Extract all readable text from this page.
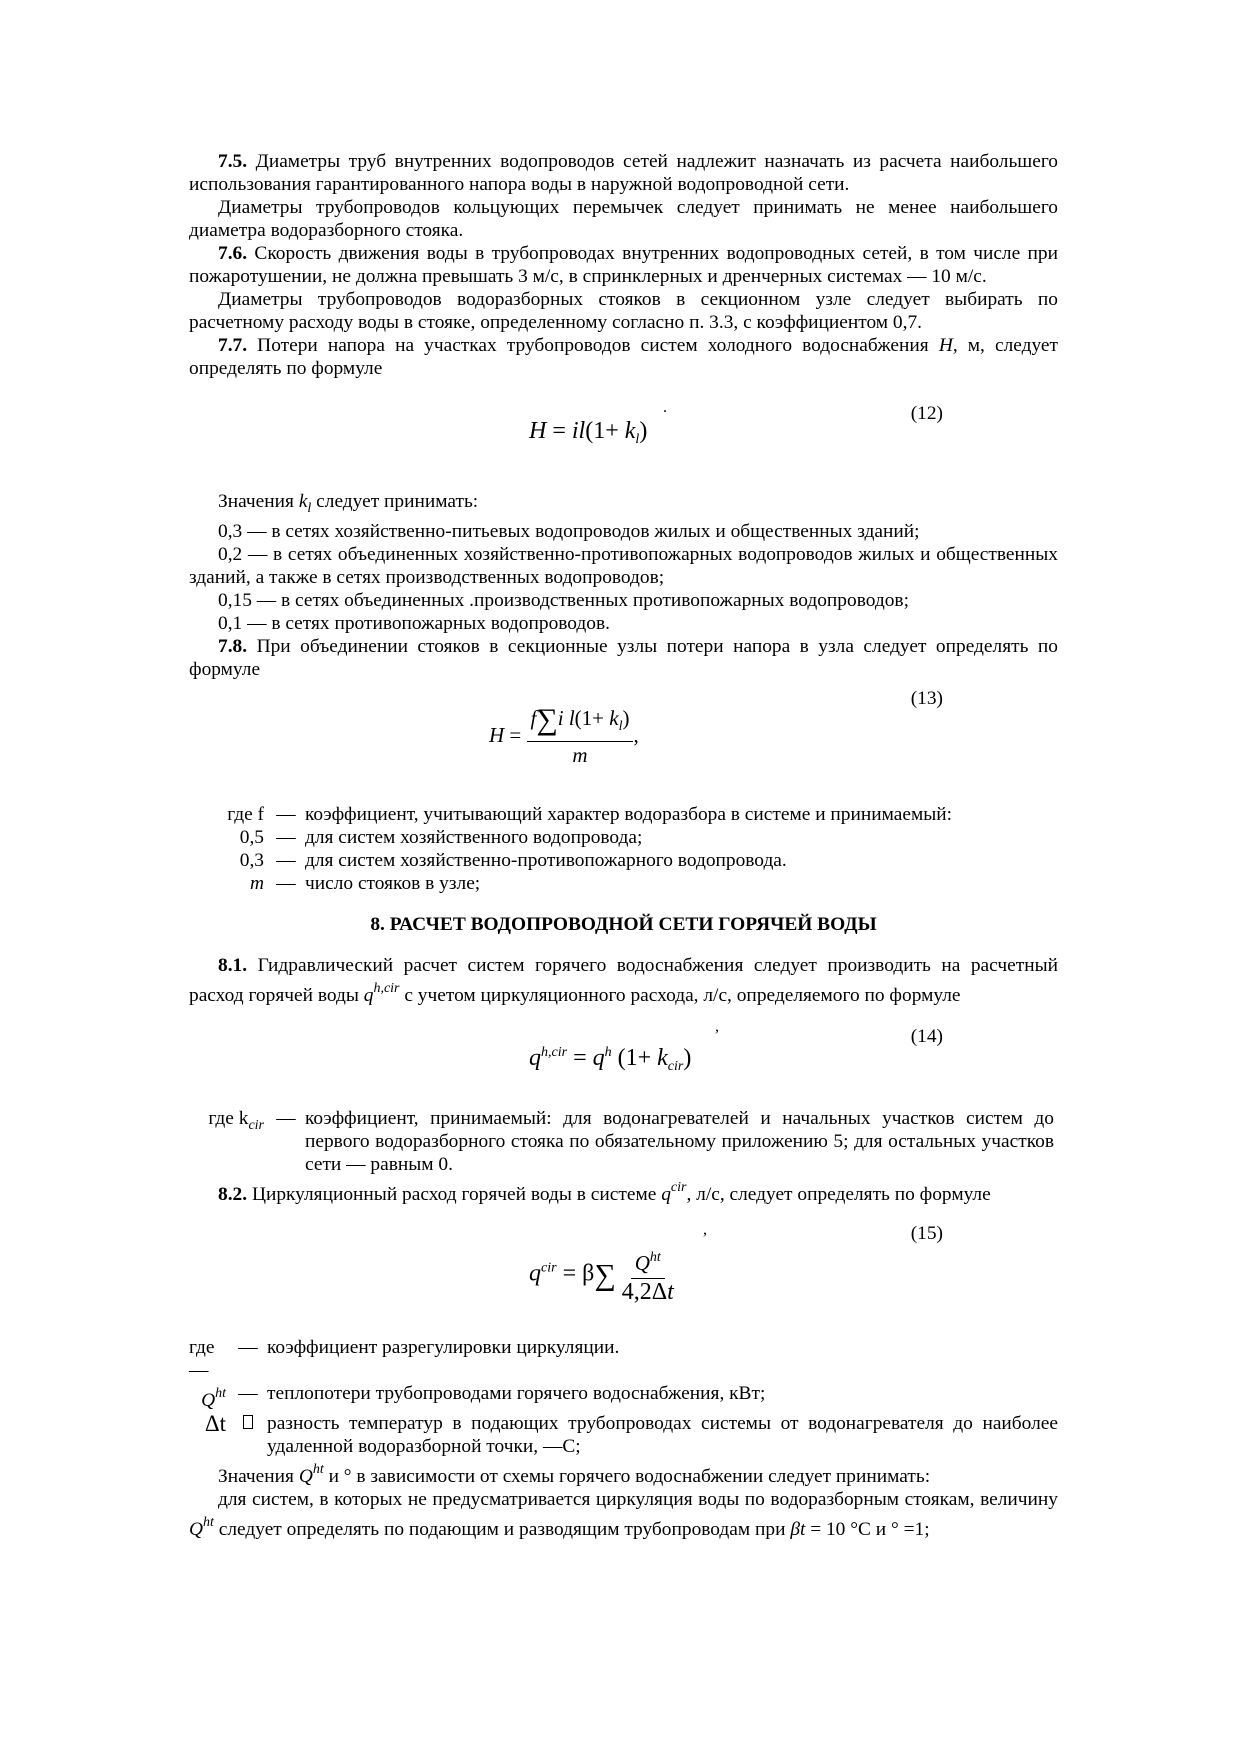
7.5. Диаметры труб внутренних водопроводов сетей надлежит назначать из расчета наибольшего использования гарантированного напора воды в наружной водопроводной сети.

Диаметры трубопроводов кольцующих перемычек следует принимать не менее наибольшего диаметра водоразборного стояка.

7.6. Скорость движения воды в трубопроводах внутренних водопроводных сетей, в том числе при пожаротушении, не должна превышать 3 м/с, в спринклерных и дренчерных системах — 10 м/с.

Диаметры трубопроводов водоразборных стояков в секционном узле следует выбирать по расчетному расходу воды в стояке, определенному согласно п. 3.3, с коэффициентом 0,7.

7.7. Потери напора на участках трубопроводов систем холодного водоснабжения H, м, следует определять по формуле

$H = il(1+ k_l)$
.	(12)

Значения $k_l$ следует принимать:

0,3 — в сетях хозяйственно-питьевых водопроводов жилых и общественных зданий;

0,2 — в сетях объединенных хозяйственно-противопожарных водопроводов жилых и общественных зданий, а также в сетях производственных водопроводов;

0,15 — в сетях объединенных .производственных противопожарных водопроводов;

0,1 — в сетях противопожарных водопроводов.

7.8. При объединении стояков в секционные узлы потери напора в узла следует определять по формуле

$H = \frac{f\sum i l(1+ k_l)}{m}$ ,
(13)
где f — коэффициент, учитывающий характер водоразбора в системе и принимаемый:
0,5 — для систем хозяйственного водопровода;
0,3 — для систем хозяйственно-противопожарного водопровода.
m — число стояков в узле;
8. РАСЧЕТ ВОДОПРОВОДНОЙ СЕТИ ГОРЯЧЕЙ ВОДЫ

8.1. Гидравлический расчет систем горячего водоснабжения следует производить на расчетный расход горячей воды $q^{h,cir}$ с учетом циркуляционного расхода, л/с, определяемого по формуле

$q^{h,cir} = q^h$ $(1+ k_{cir})$
,	(14)
где $k_{cir}$ — коэффициент, принимаемый: для водонагревателей и начальных участков систем до первого водоразборного стояка по обязательному приложению 5; для остальных участков сети — равным 0.

8.2. Циркуляционный расход горячей воды в системе $q^{cir}$, л/с, следует определять по формуле

$q^{cir} = \beta\sum \frac{Q^{ht}}{4,2\Delta t}$
,	(15)
где—
— коэффициент разрегулировки циркуляции.
$Q^{ht}$ — теплопотери трубопроводами горячего водоснабжения, кВт;
Δt разность температур в подающих трубопроводах системы от водонагревателя до наиболее удаленной водоразборной точки, —С;

Значения $Q^{ht}$ и ° в зависимости от схемы горячего водоснабжении следует принимать:

для систем, в которых не предусматривается циркуляция воды по водоразборным стоякам, величину $Q^{ht}$ следует определять по подающим и разводящим трубопроводам при βt = 10 °С и ° =1;
